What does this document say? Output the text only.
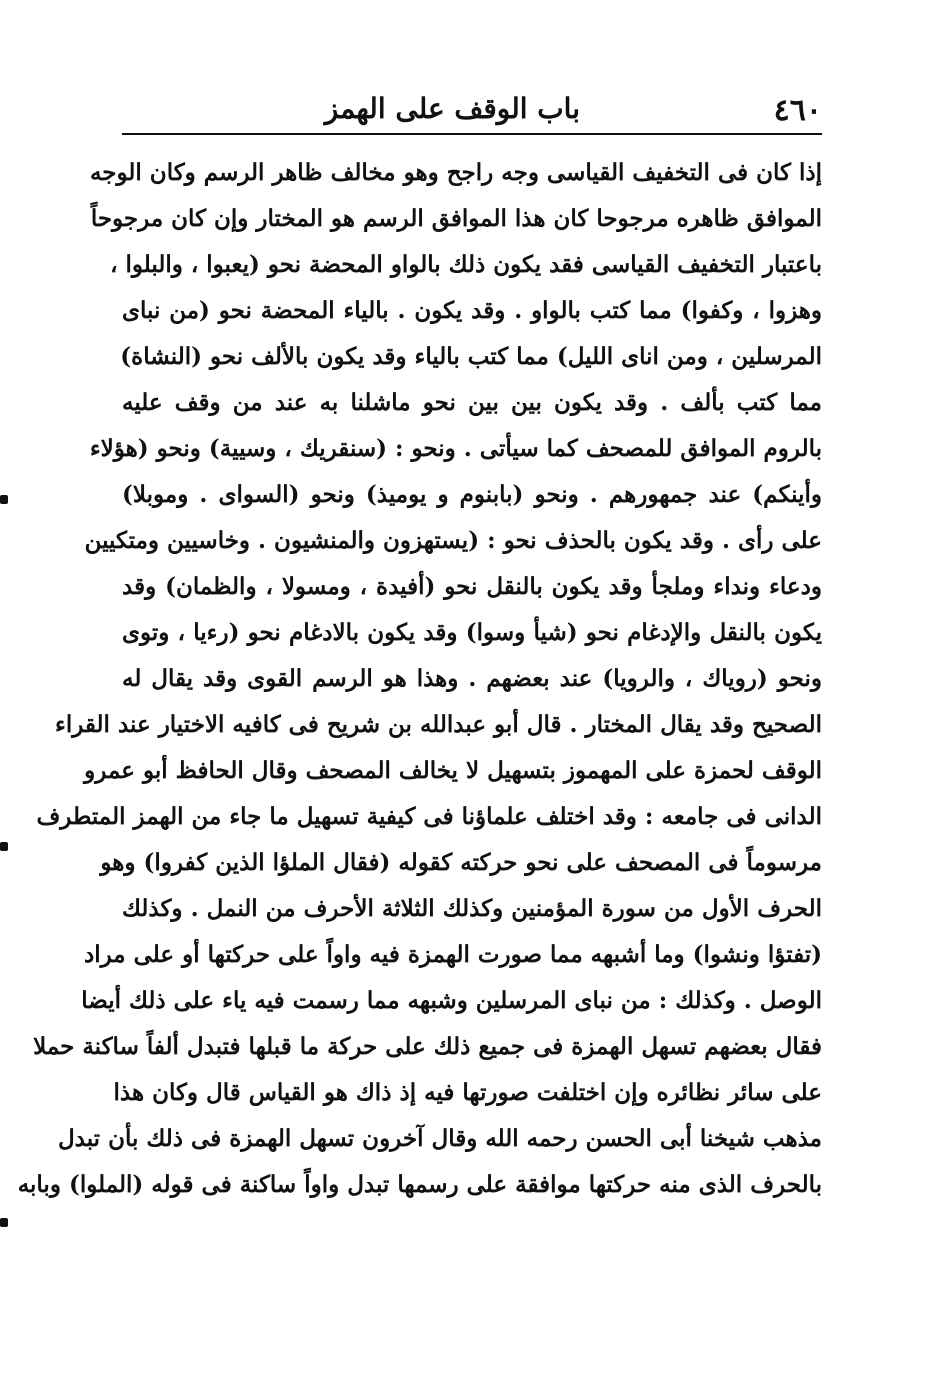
٤٦٠
باب الوقف على الهمز
إذا كان فى التخفيف القياسى وجه راجح وهو مخالف ظاهر الرسم وكان الوجه
الموافق ظاهره مرجوحا كان هذا الموافق الرسم هو المختار وإن كان مرجوحاً
باعتبار التخفيف القياسى فقد يكون ذلك بالواو المحضة نحو (يعبوا ، والبلوا ،
وهزوا ، وكفوا) مما كتب بالواو . وقد يكون . بالياء المحضة نحو (من نباى
المرسلين ، ومن اناى الليل) مما كتب بالياء وقد يكون بالألف نحو (النشاة)
مما كتب بألف . وقد يكون بين بين نحو ماشلنا به عند من وقف عليه
بالروم الموافق للمصحف كما سيأتى . ونحو : (سنقريك ، وسيية) ونحو (هؤلاء
وأينكم) عند جمهورهم . ونحو (بابنوم و يوميذ) ونحو (السواى . وموبلا)
على رأى . وقد يكون بالحذف نحو : (يستهزون والمنشيون . وخاسيين ومتكيين
ودعاء ونداء وملجأ وقد يكون بالنقل نحو (أفيدة ، ومسولا ، والظمان) وقد
يكون بالنقل والإدغام نحو (شيأ وسوا) وقد يكون بالادغام نحو (رءيا ، وتوى
ونحو (روياك ، والرويا) عند بعضهم . وهذا هو الرسم القوى وقد يقال له
الصحيح وقد يقال المختار . قال أبو عبدالله بن شريح فى كافيه الاختيار عند القراء
الوقف لحمزة على المهموز بتسهيل لا يخالف المصحف وقال الحافظ أبو عمرو
الدانى فى جامعه : وقد اختلف علماؤنا فى كيفية تسهيل ما جاء من الهمز المتطرف
مرسوماً فى المصحف على نحو حركته كقوله (فقال الملؤا الذين كفروا) وهو
الحرف الأول من سورة المؤمنين وكذلك الثلاثة الأحرف من النمل . وكذلك
(تفتؤا ونشوا) وما أشبهه مما صورت الهمزة فيه واواً على حركتها أو على مراد
الوصل . وكذلك : من نباى المرسلين وشبهه مما رسمت فيه ياء على ذلك أيضا
فقال بعضهم تسهل الهمزة فى جميع ذلك على حركة ما قبلها فتبدل ألفاً ساكنة حملا
على سائر نظائره وإن اختلفت صورتها فيه إذ ذاك هو القياس قال وكان هذا
مذهب شيخنا أبى الحسن رحمه الله وقال آخرون تسهل الهمزة فى ذلك بأن تبدل
بالحرف الذى منه حركتها موافقة على رسمها تبدل واواً ساكنة فى قوله (الملوا) وبابه
